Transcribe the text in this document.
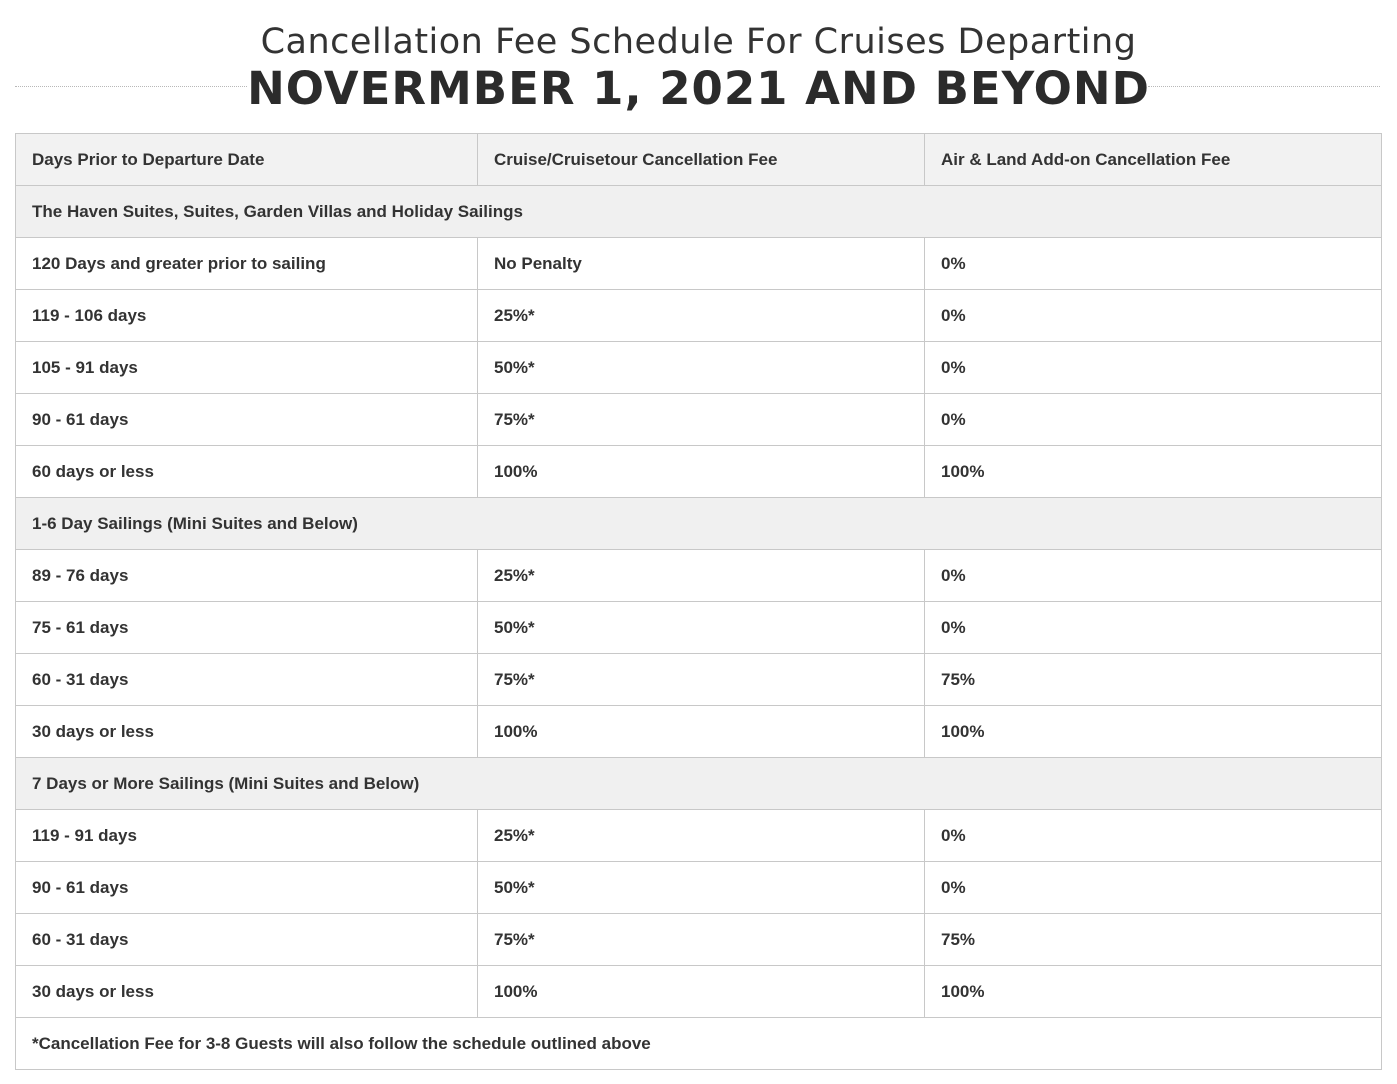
Cancellation Fee Schedule For Cruises Departing
NOVERMBER 1, 2021 AND BEYOND
Days Prior to Departure Date	Cruise/Cruisetour Cancellation Fee	Air & Land Add-on Cancellation Fee
The Haven Suites, Suites, Garden Villas and Holiday Sailings		
120 Days and greater prior to sailing	No Penalty	0%
119 - 106 days	25%*	0%
105 - 91 days	50%*	0%
90 - 61 days	75%*	0%
60 days or less	100%	100%
1-6 Day Sailings (Mini Suites and Below)		
89 - 76 days	25%*	0%
75 - 61 days	50%*	0%
60 - 31 days	75%*	75%
30 days or less	100%	100%
7 Days or More Sailings (Mini Suites and Below)		
119 - 91 days	25%*	0%
90 - 61 days	50%*	0%
60 - 31 days	75%*	75%
30 days or less	100%	100%
*Cancellation Fee for 3-8 Guests will also follow the schedule outlined above		
